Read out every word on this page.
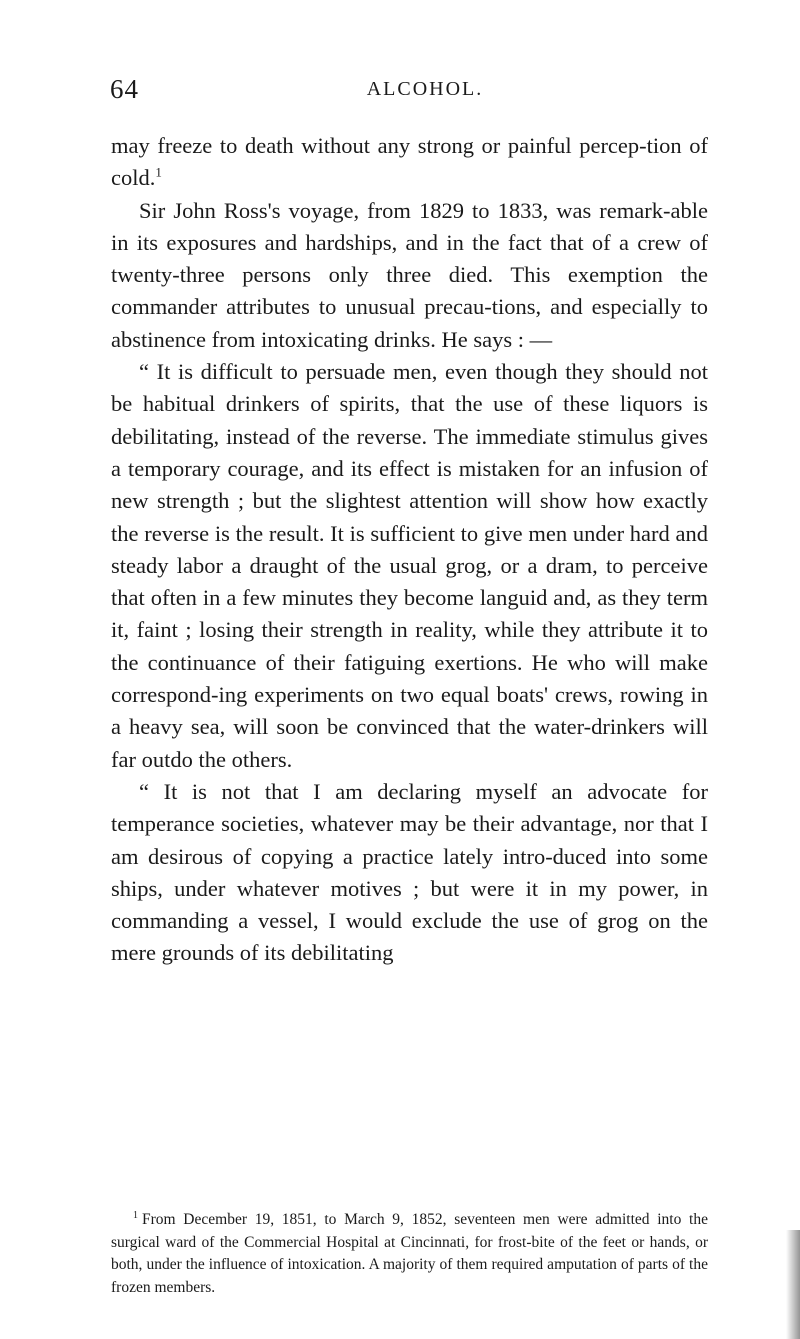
64	ALCOHOL.

may freeze to death without any strong or painful percep-tion of cold.$^1$

Sir John Ross's voyage, from 1829 to 1833, was remark-able in its exposures and hardships, and in the fact that of a crew of twenty-three persons only three died. This exemption the commander attributes to unusual precau-tions, and especially to abstinence from intoxicating drinks. He says : —

“ It is difficult to persuade men, even though they should not be habitual drinkers of spirits, that the use of these liquors is debilitating, instead of the reverse. The immediate stimulus gives a temporary courage, and its effect is mistaken for an infusion of new strength ; but the slightest attention will show how exactly the reverse is the result. It is sufficient to give men under hard and steady labor a draught of the usual grog, or a dram, to perceive that often in a few minutes they become languid and, as they term it, faint ; losing their strength in reality, while they attribute it to the continuance of their fatiguing exertions. He who will make correspond-ing experiments on two equal boats' crews, rowing in a heavy sea, will soon be convinced that the water-drinkers will far outdo the others.

“ It is not that I am declaring myself an advocate for temperance societies, whatever may be their advantage, nor that I am desirous of copying a practice lately intro-duced into some ships, under whatever motives ; but were it in my power, in commanding a vessel, I would exclude the use of grog on the mere grounds of its debilitating

$^1$ From December 19, 1851, to March 9, 1852, seventeen men were admitted into the surgical ward of the Commercial Hospital at Cincinnati, for frost-bite of the feet or hands, or both, under the influence of intoxication. A majority of them required amputation of parts of the frozen members.
